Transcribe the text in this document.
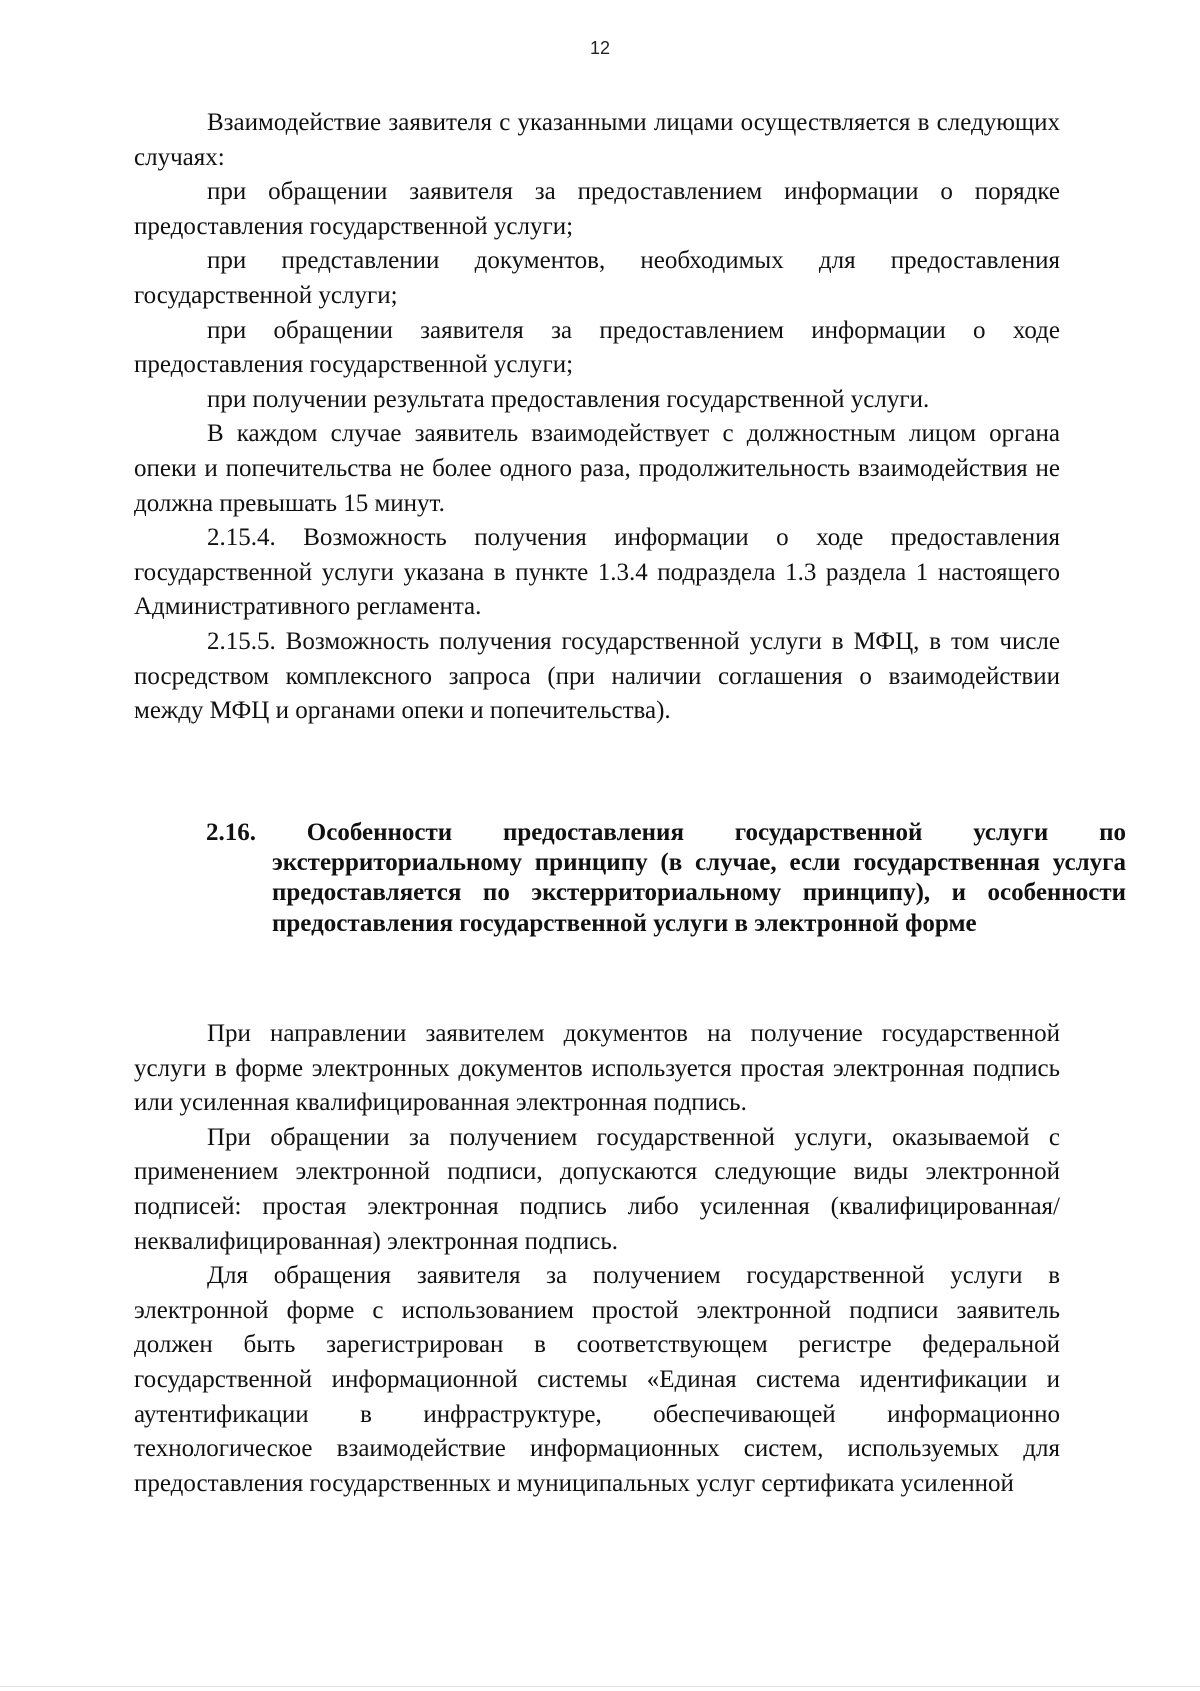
12

Взаимодействие заявителя с указанными лицами осуществляется в следующих случаях:

при обращении заявителя за предоставлением информации о порядке предоставления государственной услуги;

при представлении документов, необходимых для предоставления государственной услуги;

при обращении заявителя за предоставлением информации о ходе предоставления государственной услуги;

при получении результата предоставления государственной услуги.

В каждом случае заявитель взаимодействует с должностным лицом органа опеки и попечительства не более одного раза, продолжительность взаимодействия не должна превышать 15 минут.

2.15.4. Возможность получения информации о ходе предоставления государственной услуги указана в пункте 1.3.4 подраздела 1.3 раздела 1 настоящего Административного регламента.

2.15.5. Возможность получения государственной услуги в МФЦ, в том числе посредством комплексного запроса (при наличии соглашения о взаимодействии между МФЦ и органами опеки и попечительства).

2.16. Особенности предоставления государственной услуги по экстерриториальному принципу (в случае, если государственная услуга предоставляется по экстерриториальному принципу), и особенности предоставления государственной услуги в электронной форме

При направлении заявителем документов на получение государственной услуги в форме электронных документов используется простая электронная подпись или усиленная квалифицированная электронная подпись.

При обращении за получением государственной услуги, оказываемой с применением электронной подписи, допускаются следующие виды электронной подписей: простая электронная подпись либо усиленная (квалифицированная/неквалифицированная) электронная подпись.

Для обращения заявителя за получением государственной услуги в электронной форме с использованием простой электронной подписи заявитель должен быть зарегистрирован в соответствующем регистре федеральной государственной информационной системы «Единая система идентификации и аутентификации в инфраструктуре, обеспечивающей информационно технологическое взаимодействие информационных систем, используемых для предоставления государственных и муниципальных услуг сертификата усиленной
